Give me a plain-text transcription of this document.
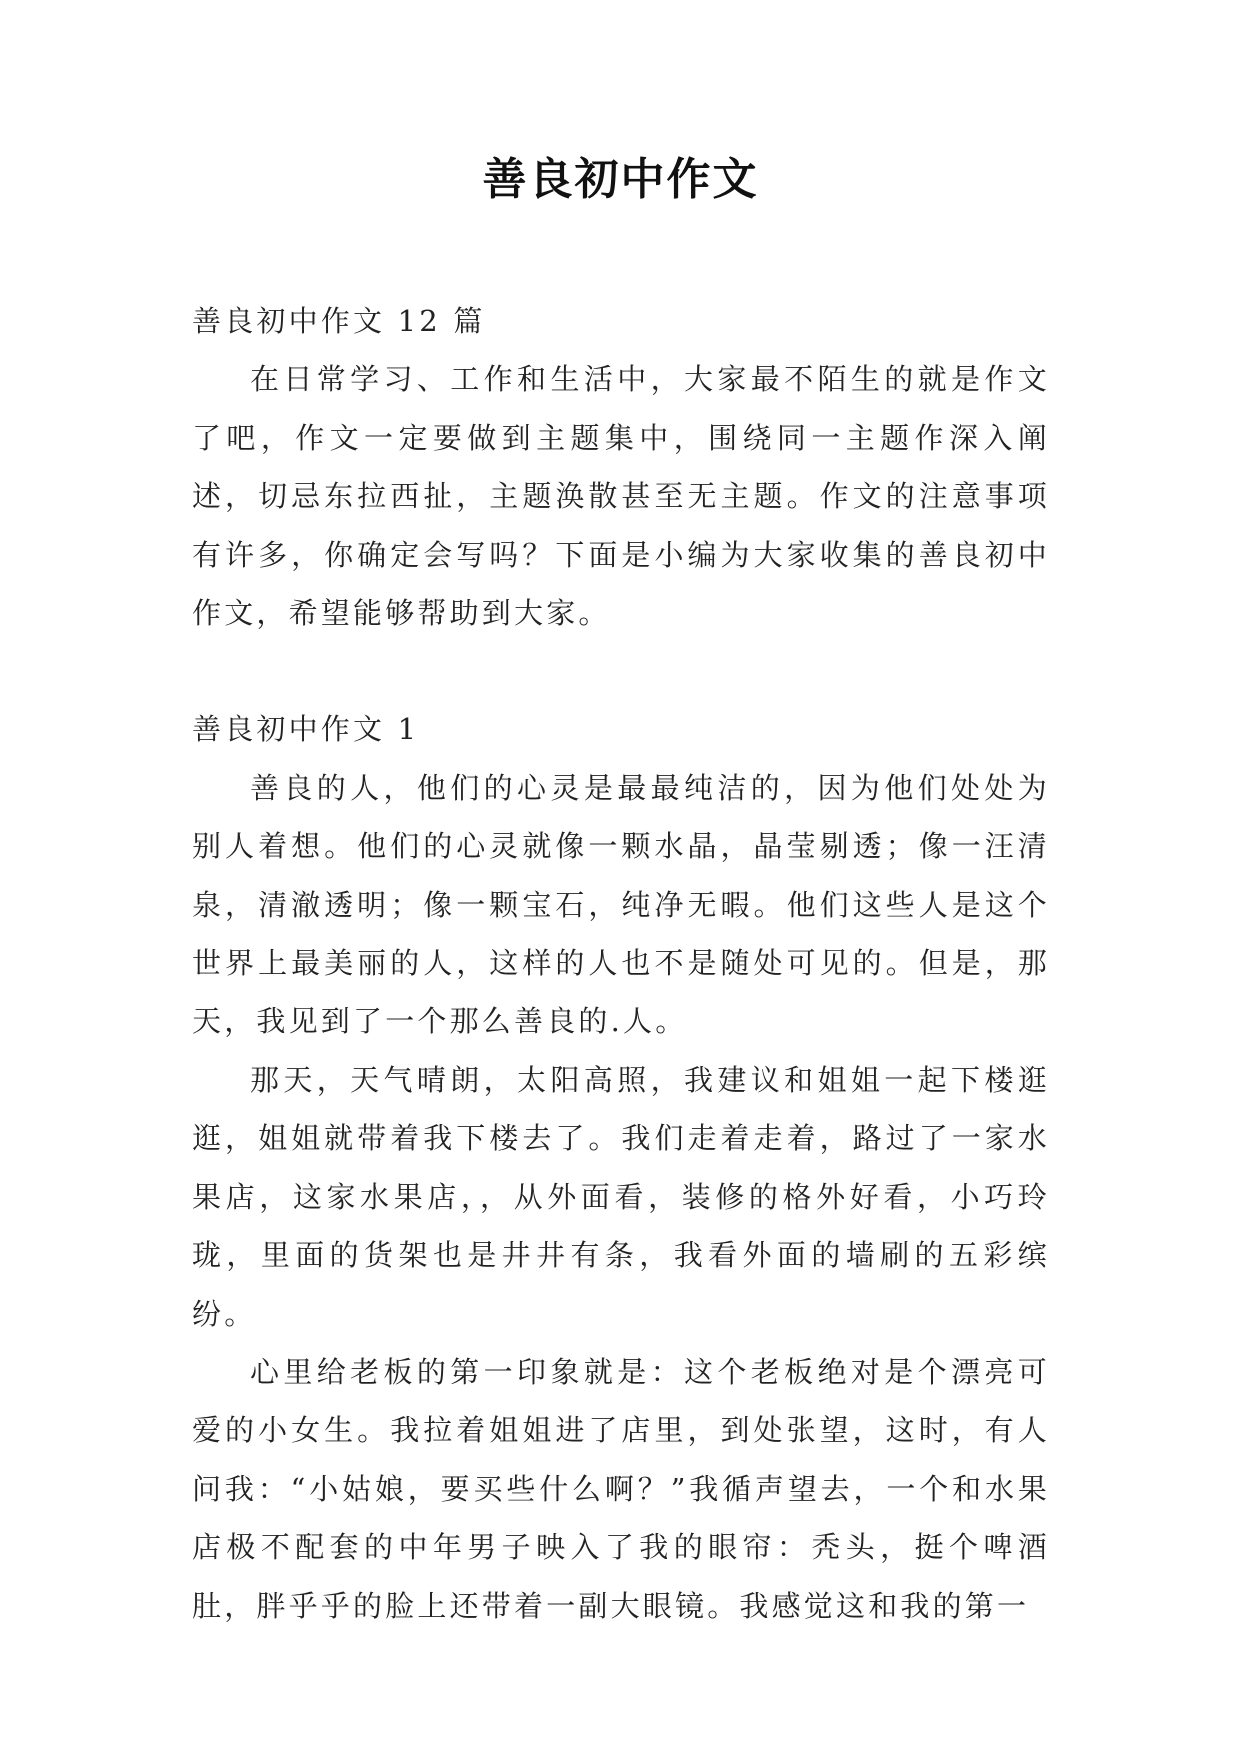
善良初中作文

善良初中作文 12 篇

在日常学习、工作和生活中，大家最不陌生的就是作文了吧，作文一定要做到主题集中，围绕同一主题作深入阐述，切忌东拉西扯，主题涣散甚至无主题。作文的注意事项有许多，你确定会写吗？下面是小编为大家收集的善良初中作文，希望能够帮助到大家。

善良初中作文 1

善良的人，他们的心灵是最最纯洁的，因为他们处处为别人着想。他们的心灵就像一颗水晶，晶莹剔透；像一汪清泉，清澈透明；像一颗宝石，纯净无暇。他们这些人是这个世界上最美丽的人，这样的人也不是随处可见的。但是，那天，我见到了一个那么善良的.人。

那天，天气晴朗，太阳高照，我建议和姐姐一起下楼逛逛，姐姐就带着我下楼去了。我们走着走着，路过了一家水果店，这家水果店，，从外面看，装修的格外好看，小巧玲珑，里面的货架也是井井有条，我看外面的墙刷的五彩缤纷。

心里给老板的第一印象就是：这个老板绝对是个漂亮可爱的小女生。我拉着姐姐进了店里，到处张望，这时，有人问我：“小姑娘，要买些什么啊？”我循声望去，一个和水果店极不配套的中年男子映入了我的眼帘：秃头，挺个啤酒肚，胖乎乎的脸上还带着一副大眼镜。我感觉这和我的第一
